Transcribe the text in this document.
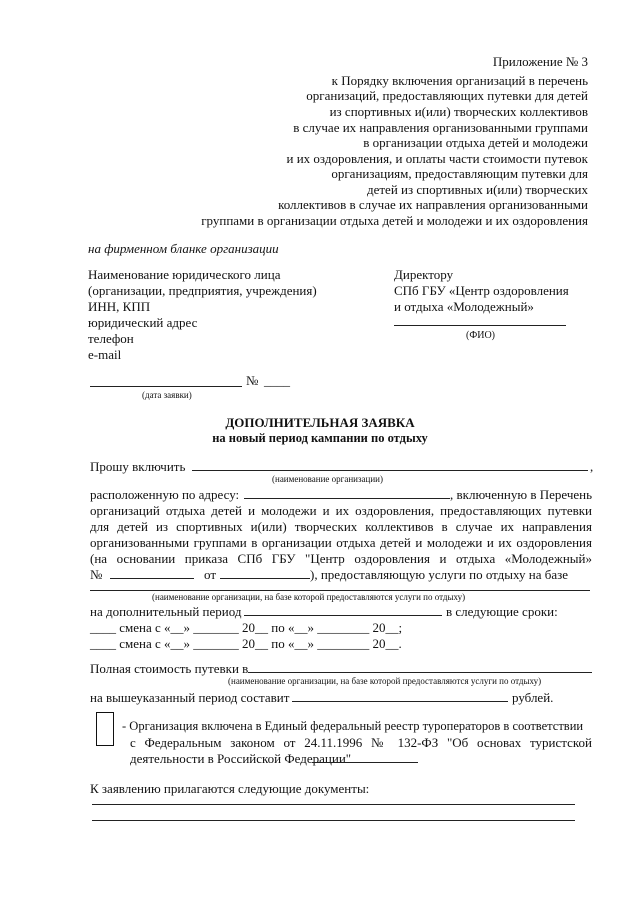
Приложение № 3
к Порядку включения организаций в перечень
организаций, предоставляющих путевки для детей
из спортивных и(или) творческих коллективов
в случае их направления организованными группами
в организации отдыха детей и молодежи
и их оздоровления, и оплаты части стоимости путевок
организациям, предоставляющим путевки для
детей из спортивных и(или) творческих
коллективов в случае их направления организованными
группами в организации отдыха детей и молодежи и их оздоровления
на фирменном бланке организации
Наименование юридического лица
(организации, предприятия, учреждения)
ИНН, КПП
юридический адрес
телефон
e-mail
Директору
СПб ГБУ «Центр оздоровления
и отдыха «Молодежный»
(ФИО)
№ ____
(дата заявки)
ДОПОЛНИТЕЛЬНАЯ ЗАЯВКА
на новый период кампании по отдыху
Прошу включить	,
(наименование организации)
расположенную по адресу:	, включенную в Перечень
организаций отдыха детей и молодежи и их оздоровления, предоставляющих путевки
для детей из спортивных и(или) творческих коллективов в случае их направления
организованными группами в организации отдыха детей и молодежи и их оздоровления
(на основании приказа СПб ГБУ "Центр оздоровления и отдыха «Молодежный»
№	от	), предоставляющую услуги по отдыху на базе
(наименование организации, на базе которой предоставляются услуги по отдыху)
на дополнительный период	в следующие сроки:
____ смена с «__» _______ 20__ по «__» ________ 20__;
____ смена с «__» _______ 20__ по «__» ________ 20__.
Полная стоимость путевки в
(наименование организации, на базе которой предоставляются услуги по отдыху)
на вышеуказанный период составит	рублей.
- Организация включена в Единый федеральный реестр туроператоров в соответствии
с Федеральным законом от 24.11.1996 № 132-ФЗ "Об основах туристской
деятельности в Российской Федерации"
К заявлению прилагаются следующие документы:
